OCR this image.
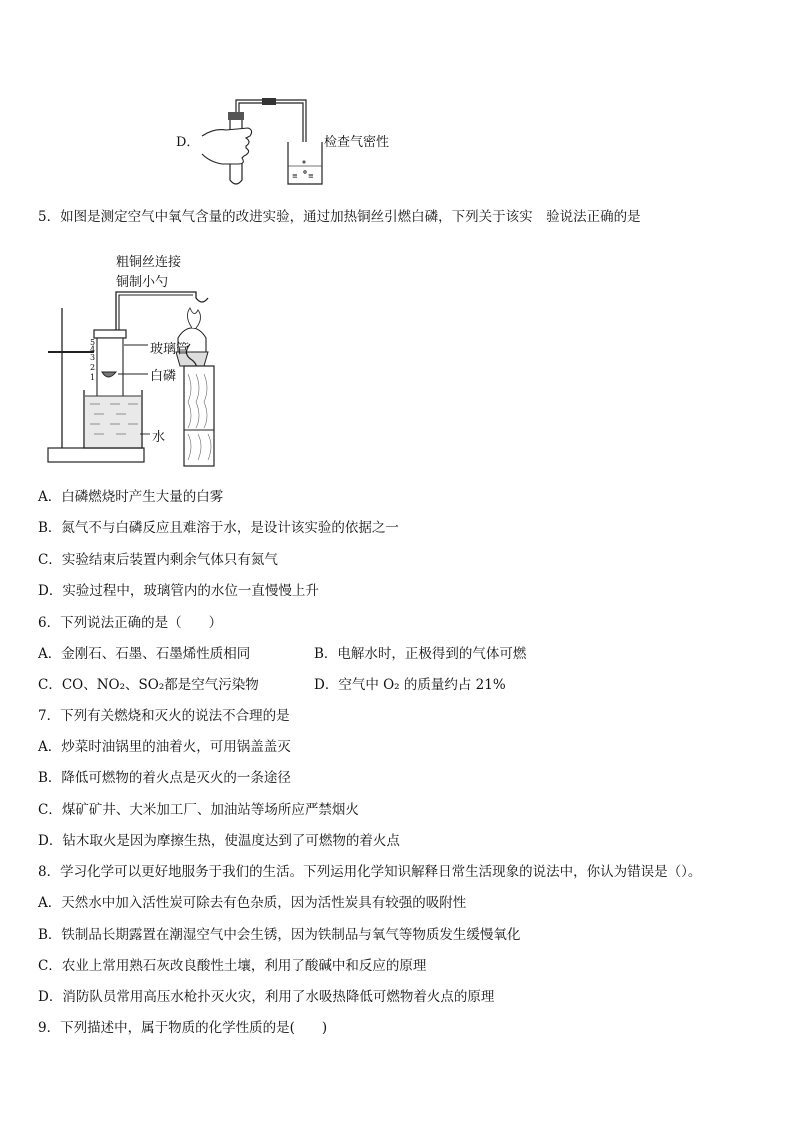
D．
≡ ≡
检查气密性
5．如图是测定空气中氧气含量的改进实验，通过加热铜丝引燃白磷，下列关于该实　验说法正确的是
粗铜丝连接
铜制小勺
5
4
3
2
1
玻璃管
白磷
水
A．白磷燃烧时产生大量的白雾
B．氮气不与白磷反应且难溶于水，是设计该实验的依据之一
C．实验结束后装置内剩余气体只有氮气
D．实验过程中，玻璃管内的水位一直慢慢上升
6．下列说法正确的是（　　）
A．金刚石、石墨、石墨烯性质相同	B．电解水时，正极得到的气体可燃
C．CO、NO₂、SO₂都是空气污染物	D．空气中 O₂ 的质量约占 21%
7．下列有关燃烧和灭火的说法不合理的是
A．炒菜时油锅里的油着火，可用锅盖盖灭
B．降低可燃物的着火点是灭火的一条途径
C．煤矿矿井、大米加工厂、加油站等场所应严禁烟火
D．钻木取火是因为摩擦生热，使温度达到了可燃物的着火点
8．学习化学可以更好地服务于我们的生活。下列运用化学知识解释日常生活现象的说法中，你认为错误是（）。
A．天然水中加入活性炭可除去有色杂质，因为活性炭具有较强的吸附性
B．铁制品长期露置在潮湿空气中会生锈，因为铁制品与氧气等物质发生缓慢氧化
C．农业上常用熟石灰改良酸性土壤，利用了酸碱中和反应的原理
D．消防队员常用高压水枪扑灭火灾，利用了水吸热降低可燃物着火点的原理
9．下列描述中，属于物质的化学性质的是(　　)
